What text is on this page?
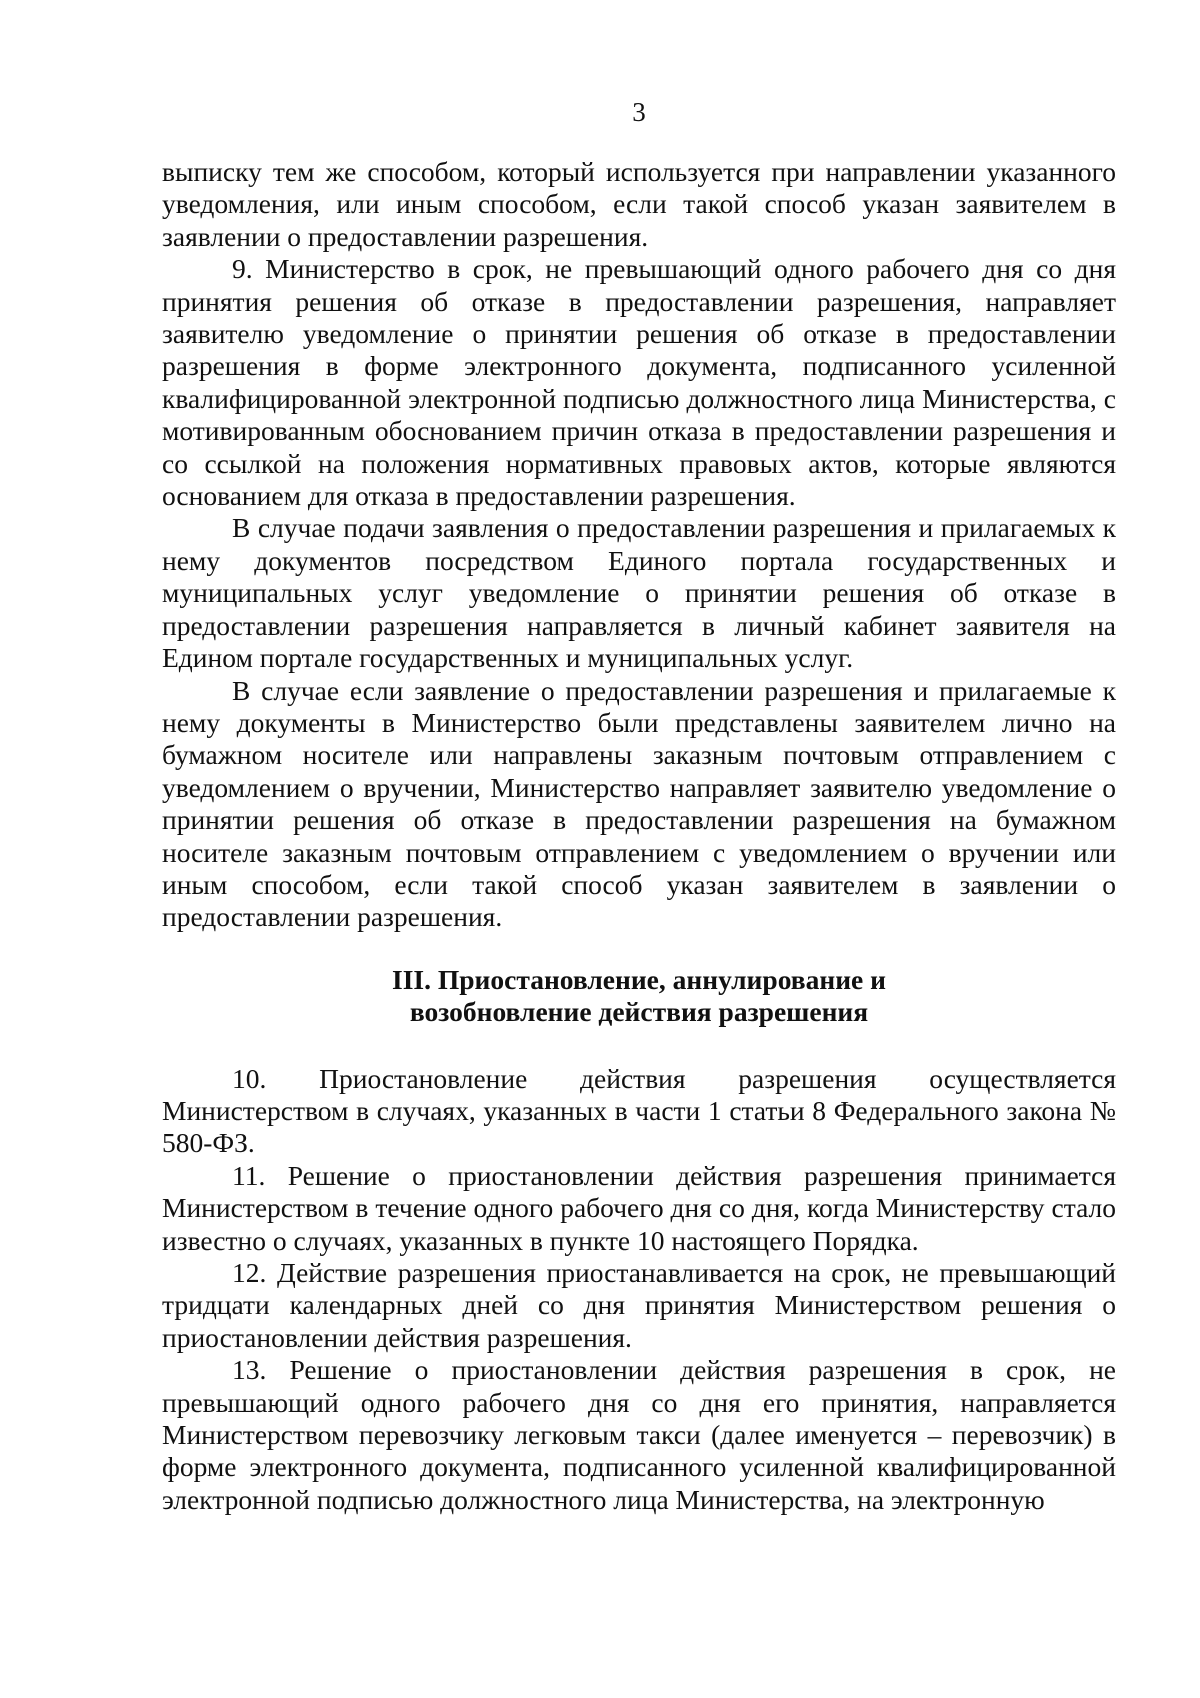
3

выписку тем же способом, который используется при направлении указанного уведомления, или иным способом, если такой способ указан заявителем в заявлении о предоставлении разрешения.

9. Министерство в срок, не превышающий одного рабочего дня со дня принятия решения об отказе в предоставлении разрешения, направляет заявителю уведомление о принятии решения об отказе в предоставлении разрешения в форме электронного документа, подписанного усиленной квалифицированной электронной подписью должностного лица Министерства, с мотивированным обоснованием причин отказа в предоставлении разрешения и со ссылкой на положения нормативных правовых актов, которые являются основанием для отказа в предоставлении разрешения.

В случае подачи заявления о предоставлении разрешения и прилагаемых к нему документов посредством Единого портала государственных и муниципальных услуг уведомление о принятии решения об отказе в предоставлении разрешения направляется в личный кабинет заявителя на Едином портале государственных и муниципальных услуг.

В случае если заявление о предоставлении разрешения и прилагаемые к нему документы в Министерство были представлены заявителем лично на бумажном носителе или направлены заказным почтовым отправлением с уведомлением о вручении, Министерство направляет заявителю уведомление о принятии решения об отказе в предоставлении разрешения на бумажном носителе заказным почтовым отправлением с уведомлением о вручении или иным способом, если такой способ указан заявителем в заявлении о предоставлении разрешения.

III. Приостановление, аннулирование и
возобновление действия разрешения

10. Приостановление действия разрешения осуществляется Министерством в случаях, указанных в части 1 статьи 8 Федерального закона № 580-ФЗ.

11. Решение о приостановлении действия разрешения принимается Министерством в течение одного рабочего дня со дня, когда Министерству стало известно о случаях, указанных в пункте 10 настоящего Порядка.

12. Действие разрешения приостанавливается на срок, не превышающий тридцати календарных дней со дня принятия Министерством решения о приостановлении действия разрешения.

13. Решение о приостановлении действия разрешения в срок, не превышающий одного рабочего дня со дня его принятия, направляется Министерством перевозчику легковым такси (далее именуется – перевозчик) в форме электронного документа, подписанного усиленной квалифицированной электронной подписью должностного лица Министерства, на электронную
